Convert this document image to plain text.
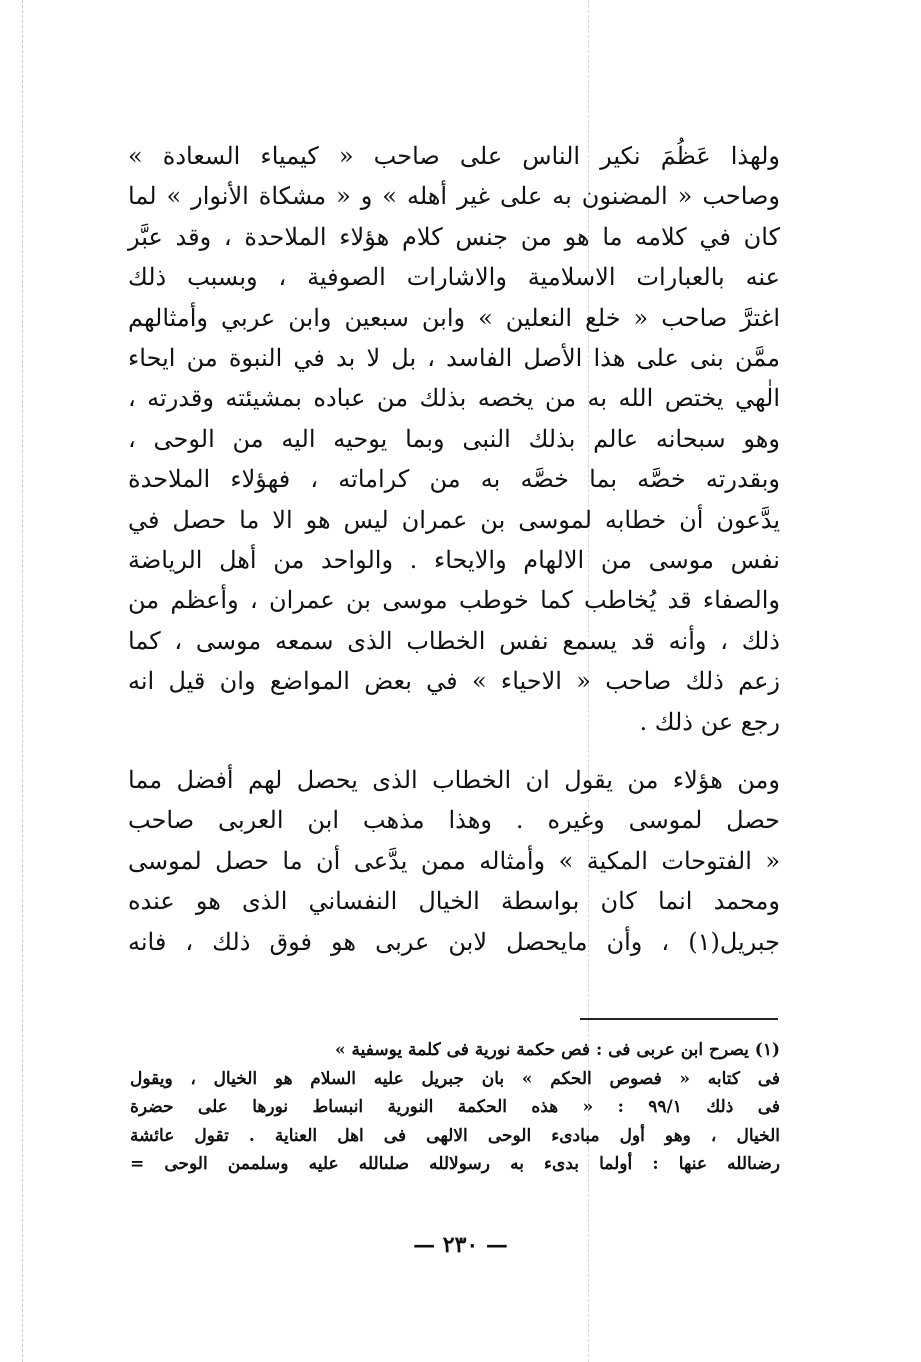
ولهذا عَظُمَ نكير الناس على صاحب « كيمياء السعادة »
وصاحب « المضنون به على غير أهله » و « مشكاة الأنوار » لما
كان في كلامه ما هو من جنس كلام هؤلاء الملاحدة ، وقد عبَّر
عنه بالعبارات الاسلامية والاشارات الصوفية ، وبسبب ذلك
اغترَّ صاحب « خلع النعلين » وابن سبعين وابن عربي وأمثالهم
ممَّن بنى على هذا الأصل الفاسد ، بل لا بد في النبوة من ايحاء
الٰهي يختص الله به من يخصه بذلك من عباده بمشيئته وقدرته ،
وهو سبحانه عالم بذلك النبى وبما يوحيه اليه من الوحى ،
وبقدرته خصَّه بما خصَّه به من كراماته ، فهؤلاء الملاحدة
يدَّعون أن خطابه لموسى بن عمران ليس هو الا ما حصل في
نفس موسى من الالهام والايحاء . والواحد من أهل الرياضة
والصفاء قد يُخاطب كما خوطب موسى بن عمران ، وأعظم من
ذلك ، وأنه قد يسمع نفس الخطاب الذى سمعه موسى ، كما
زعم ذلك صاحب « الاحياء » في بعض المواضع وان قيل انه
رجع عن ذلك .

ومن هؤلاء من يقول ان الخطاب الذى يحصل لهم أفضل مما
حصل لموسى وغيره . وهذا مذهب ابن العربى صاحب
« الفتوحات المكية » وأمثاله ممن يدَّعى أن ما حصل لموسى
ومحمد انما كان بواسطة الخيال النفساني الذى هو عنده
جبريل(١) ، وأن مايحصل لابن عربى هو فوق ذلك ، فانه

(١) يصرح ابن عربى فى : فص حكمة نورية فى كلمة يوسفية »
فى كتابه « فصوص الحكم » بان جبريل عليه السلام هو الخيال ، ويقول
فى ذلك ٩٩/١ : « هذه الحكمة النورية انبساط نورها على حضرة
الخيال ، وهو أول مبادىء الوحى الالهى فى اهل العناية . تقول عائشة
رضىالله عنها : أولما بدىء به رسولالله صلىالله عليه وسلممن الوحى =
— ٢٣٠ —
